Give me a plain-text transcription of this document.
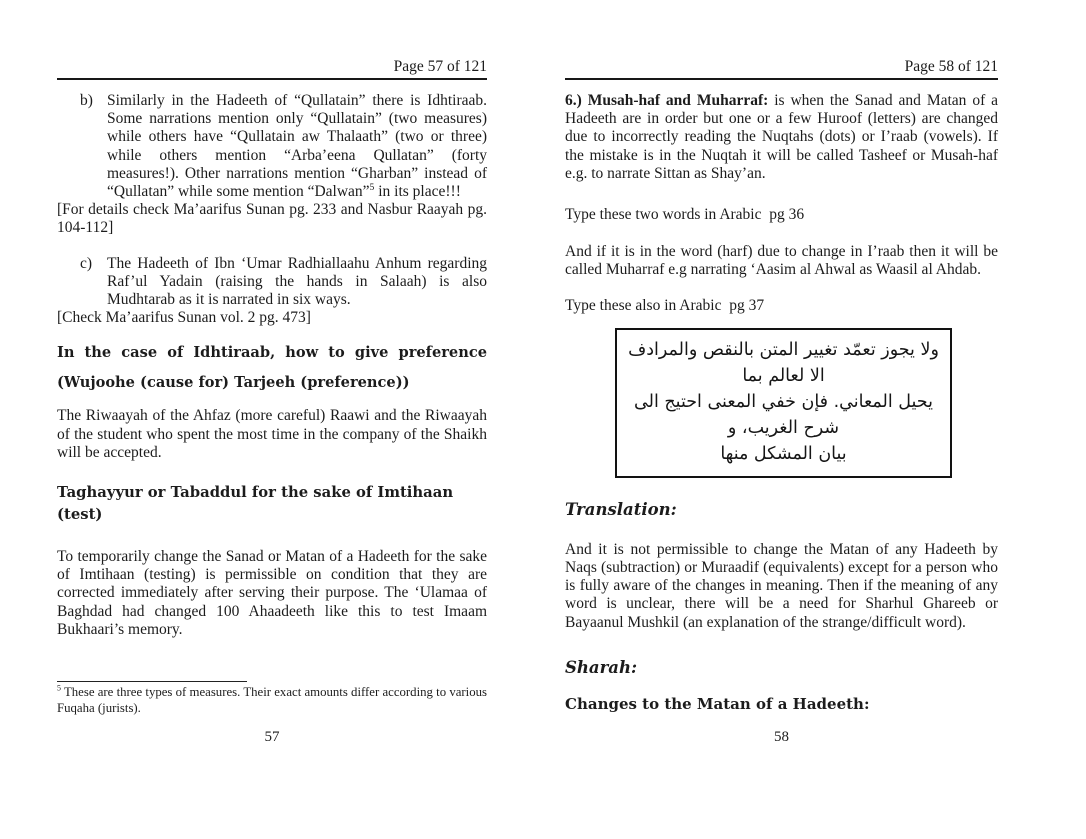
Page 57 of 121
b) Similarly in the Hadeeth of “Qullatain” there is Idhtiraab. Some narrations mention only “Qullatain” (two measures) while others have “Qullatain aw Thalaath” (two or three) while others mention “Arba’eena Qullatan” (forty measures!). Other narrations mention “Gharban” instead of “Qullatan” while some mention “Dalwan”$^5$ in its place!!!

[For details check Ma’aarifus Sunan pg. 233 and Nasbur Raayah pg. 104-112]

c) The Hadeeth of Ibn ‘Umar Radhiallaahu Anhum regarding Raf’ul Yadain (raising the hands in Salaah) is also Mudhtarab as it is narrated in six ways.

[Check Ma’aarifus Sunan vol. 2 pg. 473]

In the case of Idhtiraab, how to give preference (Wujoohe (cause for) Tarjeeh (preference))

The Riwaayah of the Ahfaz (more careful) Raawi and the Riwaayah of the student who spent the most time in the company of the Shaikh will be accepted.

Taghayyur or Tabaddul for the sake of Imtihaan (test)

To temporarily change the Sanad or Matan of a Hadeeth for the sake of Imtihaan (testing) is permissible on condition that they are corrected immediately after serving their purpose. The ‘Ulamaa of Baghdad had changed 100 Ahaadeeth like this to test Imaam Bukhaari’s memory.

$^5$ These are three types of measures. Their exact amounts differ according to various Fuqaha (jurists).

57
Page 58 of 121

6.) Musah-haf and Muharraf: is when the Sanad and Matan of a Hadeeth are in order but one or a few Huroof (letters) are changed due to incorrectly reading the Nuqtahs (dots) or I’raab (vowels). If the mistake is in the Nuqtah it will be called Tasheef or Musah-haf e.g. to narrate Sittan as Shay’an.

Type these two words in Arabic  pg 36

And if it is in the word (harf) due to change in I’raab then it will be called Muharraf e.g narrating ‘Aasim al Ahwal as Waasil al Ahdab.

Type these also in Arabic  pg 37

ولا يجوز تعمّد تغيير المتن بالنقص والمرادف الا لعالم بما
يحيل المعاني. فإن خفي المعنى احتيج الى شرح الغريب، و
بيان المشكل منها
Translation:

And it is not permissible to change the Matan of any Hadeeth by Naqs (subtraction) or Muraadif (equivalents) except for a person who is fully aware of the changes in meaning. Then if the meaning of any word is unclear, there will be a need for Sharhul Ghareeb or Bayaanul Mushkil (an explanation of the strange/difficult word).

Sharah:
Changes to the Matan of a Hadeeth:
58
